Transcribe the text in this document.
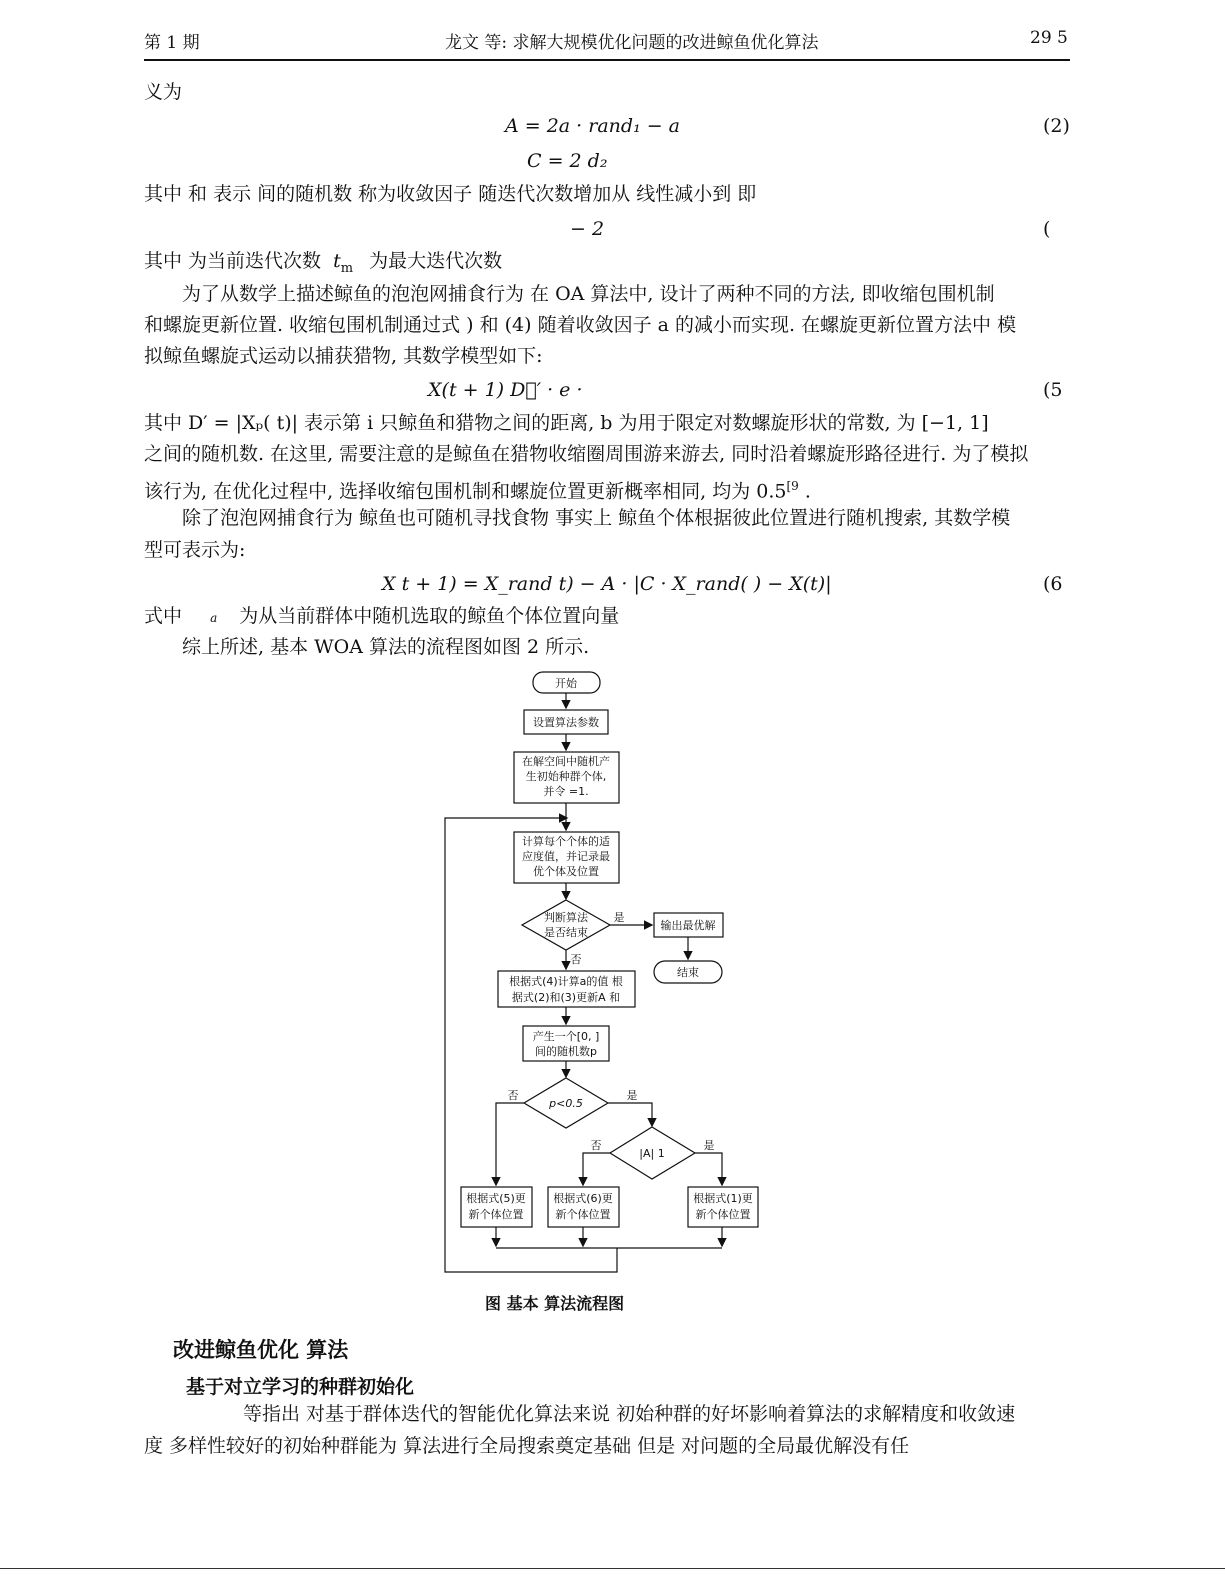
第 1 期	龙文 等: 求解大规模优化问题的改进鲸鱼优化算法	29 5
义为
A = 2a · rand₁ − a	(2)
C = 2 d₂
其中 和 表示 间的随机数 称为收敛因子 随迭代次数增加从 线性减小到 即
− 2	(
其中 为当前迭代次数 $t_m$ 为最大迭代次数
为了从数学上描述鲸鱼的泡泡网捕食行为 在 OA 算法中, 设计了两种不同的方法, 即收缩包围机制
和螺旋更新位置. 收缩包围机制通过式 ) 和 (4) 随着收敛因子 a 的减小而实现. 在螺旋更新位置方法中 模
拟鲸鱼螺旋式运动以捕获猎物, 其数学模型如下:
X(t + 1) D⃗′ · e ·	(5
其中 D′ = |Xₚ( t)| 表示第 i 只鲸鱼和猎物之间的距离, b 为用于限定对数螺旋形状的常数, 为 [−1, 1]
之间的随机数. 在这里, 需要注意的是鲸鱼在猎物收缩圈周围游来游去, 同时沿着螺旋形路径进行. 为了模拟
该行为, 在优化过程中, 选择收缩包围机制和螺旋位置更新概率相同, 均为 $0.5^{[9}$ .
除了泡泡网捕食行为 鲸鱼也可随机寻找食物 事实上 鲸鱼个体根据彼此位置进行随机搜索, 其数学模
型可表示为:
X t + 1) = X_rand t) − A · |C · X_rand( ) − X(t)|	(6
式中 a 为从当前群体中随机选取的鲸鱼个体位置向量
综上所述, 基本 WOA 算法的流程图如图 2 所示.
开始
设置算法参数
在解空间中随机产
生初始种群个体,
并令 =1.
计算每个个体的适
应度值，并记录最
优个体及位置
判断算法
是否结束
是
输出最优解
结束
否
根据式(4)计算a的值 根
据式(2)和(3)更新A 和
产生一个[0, ]
间的随机数p
p<0.5
否	是
|A| 1
否	是
根据式(5)更
新个体位置
根据式(6)更
新个体位置
根据式(1)更
新个体位置
图 基本 算法流程图
改进鲸鱼优化 算法
基于对立学习的种群初始化
等指出 对基于群体迭代的智能优化算法来说 初始种群的好坏影响着算法的求解精度和收敛速
度 多样性较好的初始种群能为 算法进行全局搜索奠定基础 但是 对问题的全局最优解没有任
